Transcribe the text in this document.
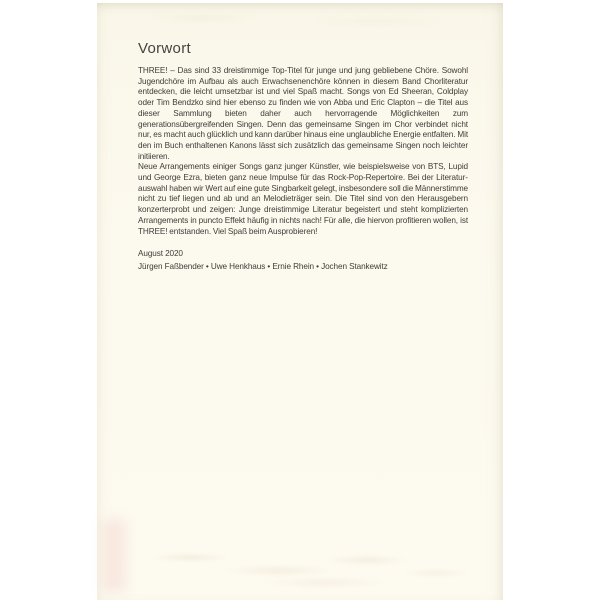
Vorwort

THREE! – Das sind 33 dreistimmige Top-Titel für junge und jung gebliebene Chöre. Sowohl Jugendchöre im Aufbau als auch Erwachsenenchöre können in diesem Band Chorliteratur entdecken, die leicht umsetzbar ist und viel Spaß macht. Songs von Ed Sheeran, Coldplay oder Tim Bendzko sind hier ebenso zu finden wie von Abba und Eric Clapton – die Titel aus dieser Sammlung bieten daher auch hervorragende Möglichkeiten zum generationsübergreifenden Singen. Denn das gemeinsame Singen im Chor verbindet nicht nur, es macht auch glücklich und kann darüber hinaus eine unglaubliche Energie entfalten. Mit den im Buch enthaltenen Kanons lässt sich zusätzlich das gemeinsame Singen noch leichter initiieren.

Neue Arrangements einiger Songs ganz junger Künstler, wie beispielsweise von BTS, Lupid und George Ezra, bieten ganz neue Impulse für das Rock-Pop-Repertoire. Bei der Literaturauswahl haben wir Wert auf eine gute Singbarkeit gelegt, insbesondere soll die Männerstimme nicht zu tief liegen und ab und an Melodieträger sein. Die Titel sind von den Herausgebern konzerterprobt und zeigen: Junge dreistimmige Literatur begeistert und steht komplizierten Arrangements in puncto Effekt häufig in nichts nach! Für alle, die hiervon profitieren wollen, ist THREE! entstanden. Viel Spaß beim Ausprobieren!

August 2020
Jürgen Faßbender • Uwe Henkhaus • Ernie Rhein • Jochen Stankewitz
